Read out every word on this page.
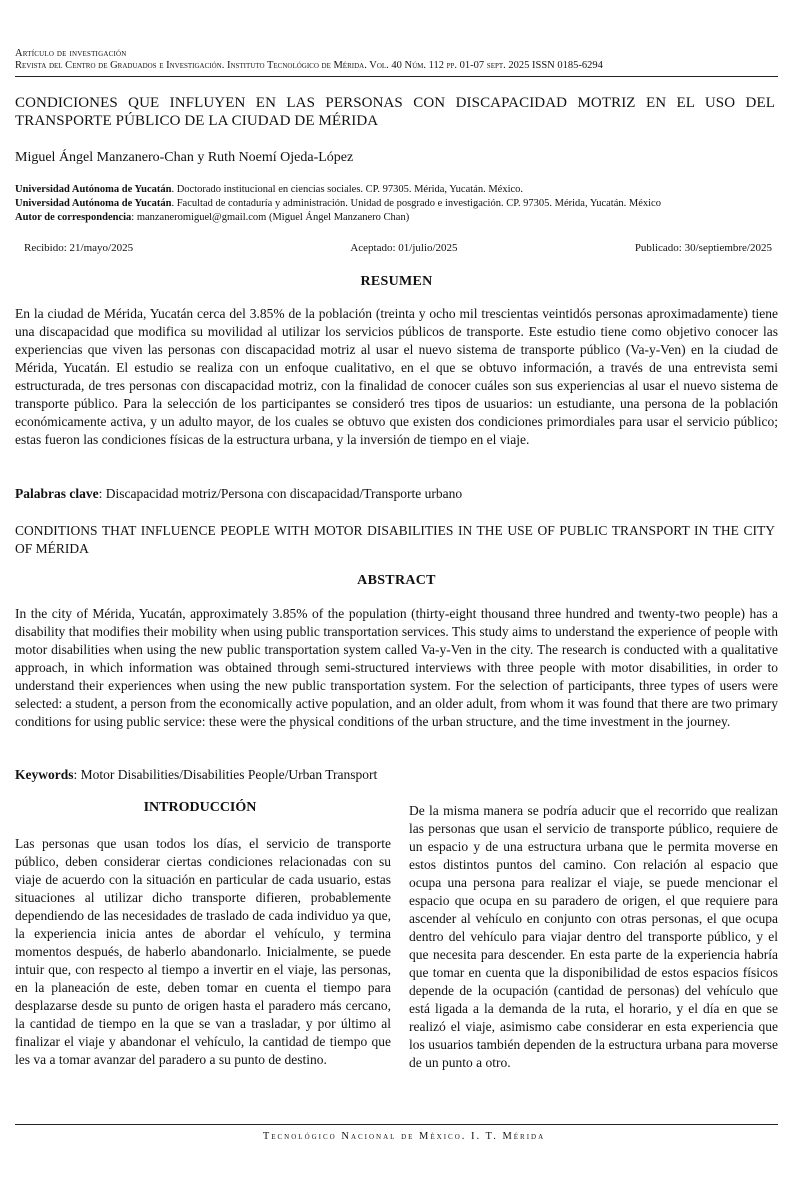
Artículo de investigación
Revista del Centro de Graduados e Investigación. Instituto Tecnológico de Mérida. Vol. 40 Núm. 112 pp. 01-07 sept. 2025 ISSN 0185-6294
CONDICIONES QUE INFLUYEN EN LAS PERSONAS CON DISCAPACIDAD MOTRIZ EN EL USO DEL TRANSPORTE PÚBLICO DE LA CIUDAD DE MÉRIDA
Miguel Ángel Manzanero-Chan y Ruth Noemí Ojeda-López
Universidad Autónoma de Yucatán. Doctorado institucional en ciencias sociales. CP. 97305. Mérida, Yucatán. México.
Universidad Autónoma de Yucatán. Facultad de contaduría y administración. Unidad de posgrado e investigación. CP. 97305. Mérida, Yucatán. México
Autor de correspondencia: manzaneromiguel@gmail.com (Miguel Ángel Manzanero Chan)
Recibido: 21/mayo/2025	Aceptado: 01/julio/2025	Publicado: 30/septiembre/2025
RESUMEN
En la ciudad de Mérida, Yucatán cerca del 3.85% de la población (treinta y ocho mil trescientas veintidós personas aproximadamente) tiene una discapacidad que modifica su movilidad al utilizar los servicios públicos de transporte. Este estudio tiene como objetivo conocer las experiencias que viven las personas con discapacidad motriz al usar el nuevo sistema de transporte público (Va-y-Ven) en la ciudad de Mérida, Yucatán. El estudio se realiza con un enfoque cualitativo, en el que se obtuvo información, a través de una entrevista semi estructurada, de tres personas con discapacidad motriz, con la finalidad de conocer cuáles son sus experiencias al usar el nuevo sistema de transporte público. Para la selección de los participantes se consideró tres tipos de usuarios: un estudiante, una persona de la población económicamente activa, y un adulto mayor, de los cuales se obtuvo que existen dos condiciones primordiales para usar el servicio público; estas fueron las condiciones físicas de la estructura urbana, y la inversión de tiempo en el viaje.
Palabras clave: Discapacidad motriz/Persona con discapacidad/Transporte urbano
CONDITIONS THAT INFLUENCE PEOPLE WITH MOTOR DISABILITIES IN THE USE OF PUBLIC TRANSPORT IN THE CITY OF MÉRIDA
ABSTRACT
In the city of Mérida, Yucatán, approximately 3.85% of the population (thirty-eight thousand three hundred and twenty-two people) has a disability that modifies their mobility when using public transportation services. This study aims to understand the experience of people with motor disabilities when using the new public transportation system called Va-y-Ven in the city. The research is conducted with a qualitative approach, in which information was obtained through semi-structured interviews with three people with motor disabilities, in order to understand their experiences when using the new public transportation system. For the selection of participants, three types of users were selected: a student, a person from the economically active population, and an older adult, from whom it was found that there are two primary conditions for using public service: these were the physical conditions of the urban structure, and the time investment in the journey.
Keywords: Motor Disabilities/Disabilities People/Urban Transport
INTRODUCCIÓN
Las personas que usan todos los días, el servicio de transporte público, deben considerar ciertas condiciones relacionadas con su viaje de acuerdo con la situación en particular de cada usuario, estas situaciones al utilizar dicho transporte difieren, probablemente dependiendo de las necesidades de traslado de cada individuo ya que, la experiencia inicia antes de abordar el vehículo, y termina momentos después, de haberlo abandonarlo. Inicialmente, se puede intuir que, con respecto al tiempo a invertir en el viaje, las personas, en la planeación de este, deben tomar en cuenta el tiempo para desplazarse desde su punto de origen hasta el paradero más cercano, la cantidad de tiempo en la que se van a trasladar, y por último al finalizar el viaje y abandonar el vehículo, la cantidad de tiempo que les va a tomar avanzar del paradero a su punto de destino.
De la misma manera se podría aducir que el recorrido que realizan las personas que usan el servicio de transporte público, requiere de un espacio y de una estructura urbana que le permita moverse en estos distintos puntos del camino. Con relación al espacio que ocupa una persona para realizar el viaje, se puede mencionar el espacio que ocupa en su paradero de origen, el que requiere para ascender al vehículo en conjunto con otras personas, el que ocupa dentro del vehículo para viajar dentro del transporte público, y el que necesita para descender. En esta parte de la experiencia habría que tomar en cuenta que la disponibilidad de estos espacios físicos depende de la ocupación (cantidad de personas) del vehículo que está ligada a la demanda de la ruta, el horario, y el día en que se realizó el viaje, asimismo cabe considerar en esta experiencia que los usuarios también dependen de la estructura urbana para moverse de un punto a otro.
Tecnológico Nacional de México. I. T. Mérida
